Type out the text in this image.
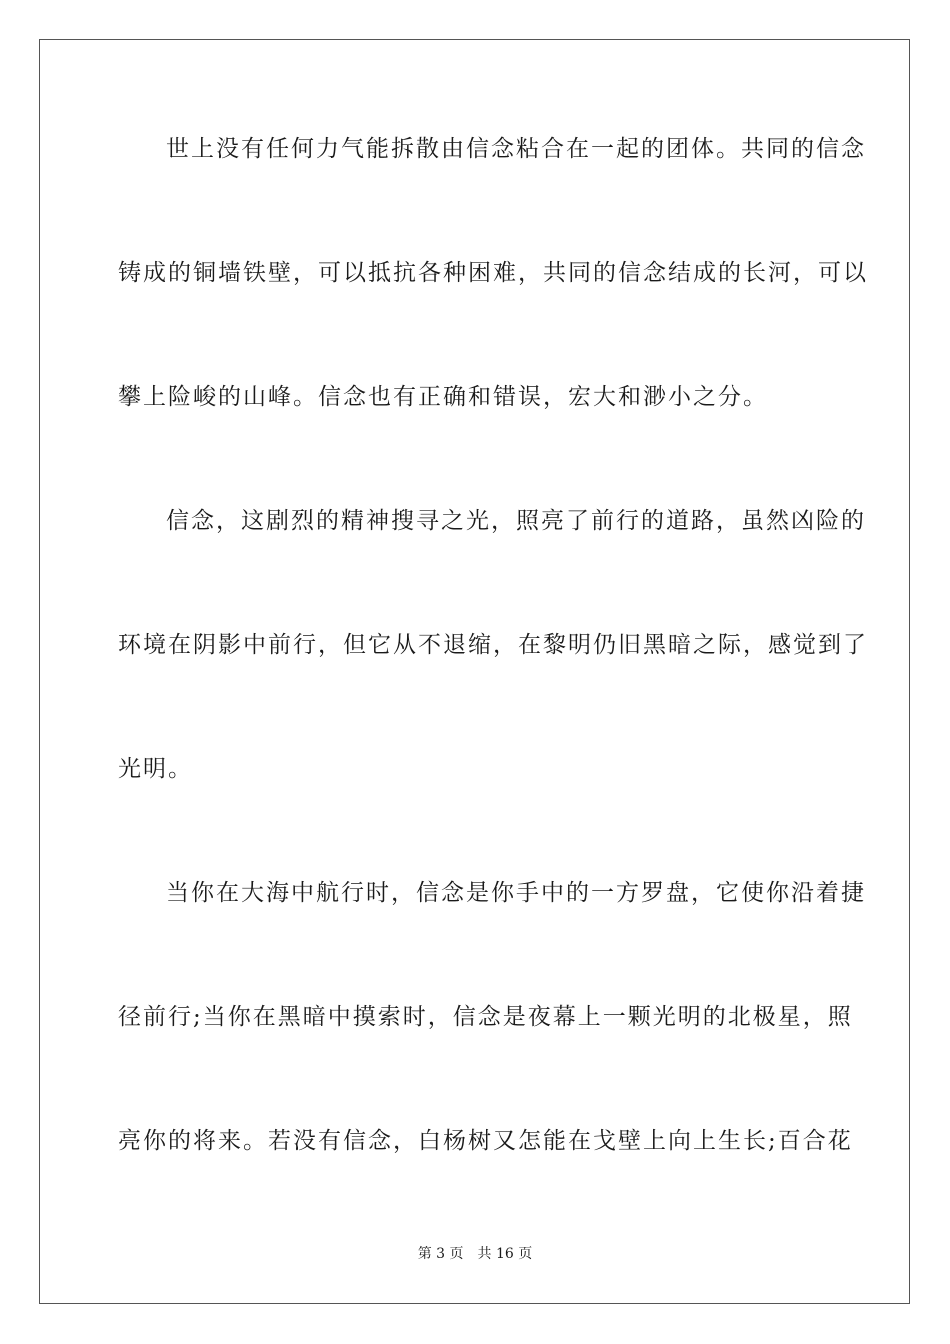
世上没有任何力气能拆散由信念粘合在一起的团体。共同的信念
铸成的铜墙铁壁，可以抵抗各种困难，共同的信念结成的长河，可以
攀上险峻的山峰。信念也有正确和错误，宏大和渺小之分。
信念，这剧烈的精神搜寻之光，照亮了前行的道路，虽然凶险的
环境在阴影中前行，但它从不退缩，在黎明仍旧黑暗之际，感觉到了
光明。
当你在大海中航行时，信念是你手中的一方罗盘，它使你沿着捷
径前行;当你在黑暗中摸索时，信念是夜幕上一颗光明的北极星，照
亮你的将来。若没有信念，白杨树又怎能在戈壁上向上生长;百合花
第 3 页 共 16 页
